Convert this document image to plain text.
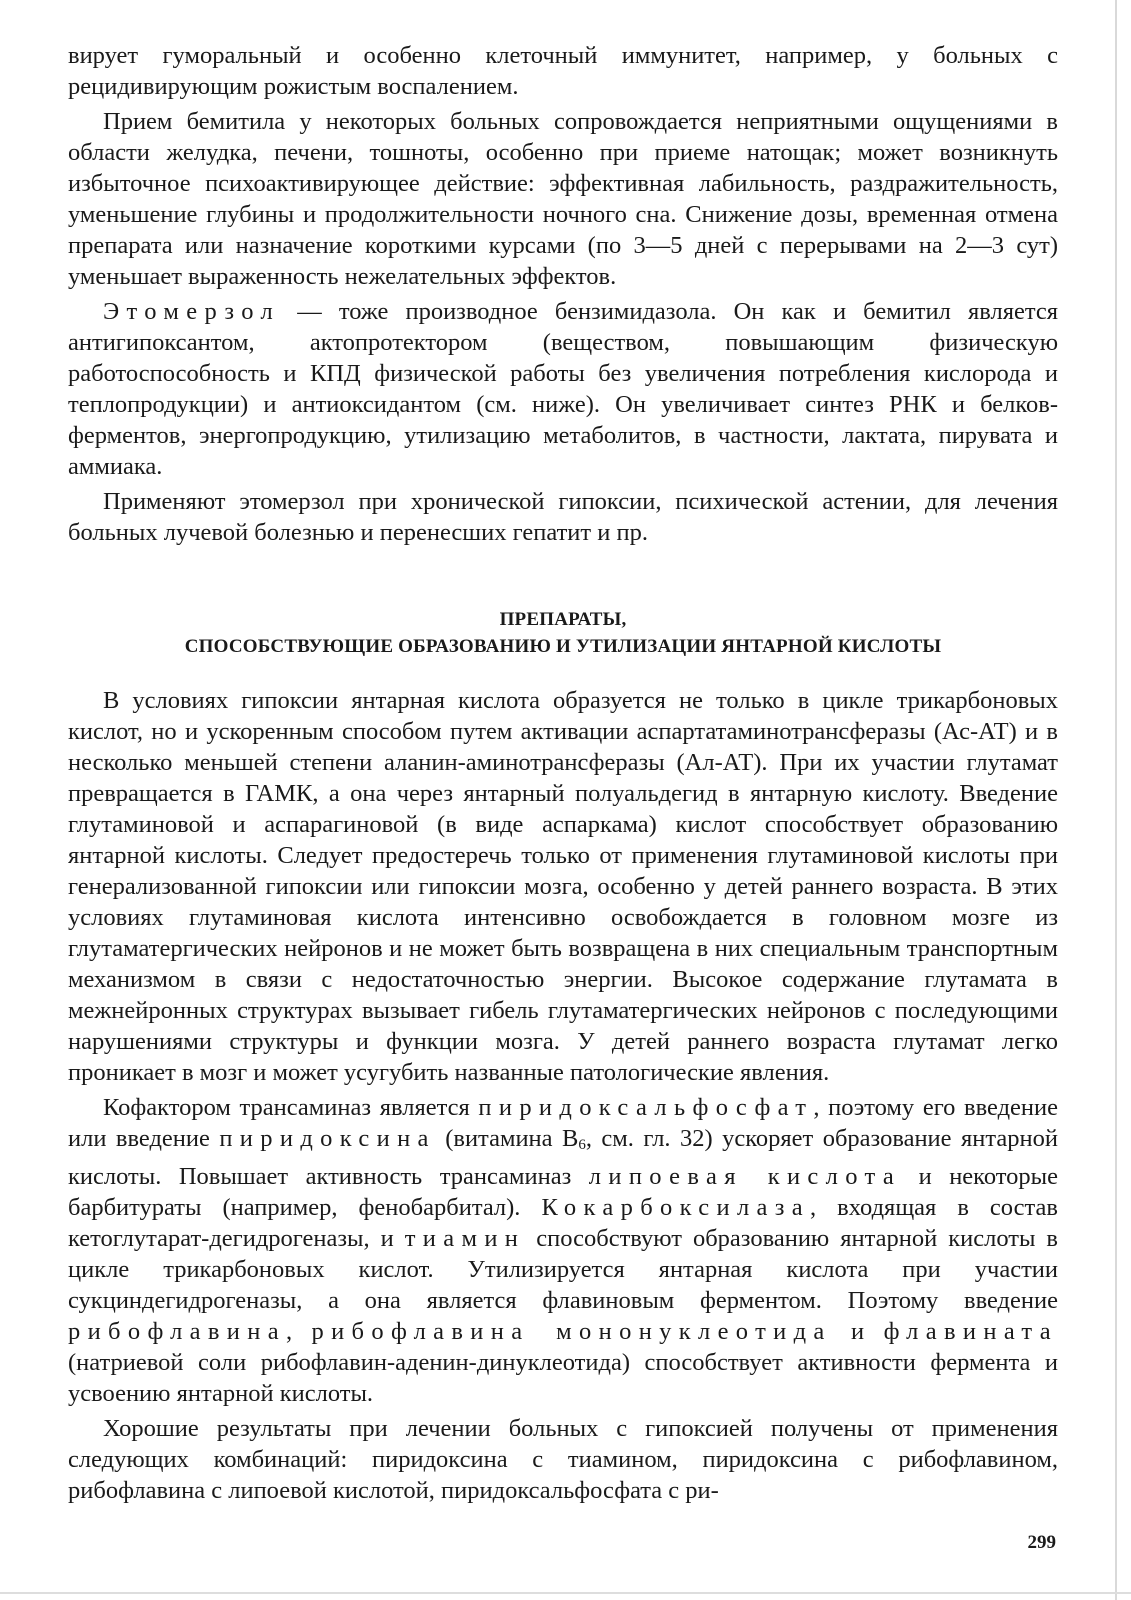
вирует гуморальный и особенно клеточный иммунитет, например, у больных с рецидивирующим рожистым воспалением.

Прием бемитила у некоторых больных сопровождается неприятными ощущениями в области желудка, печени, тошноты, особенно при приеме натощак; может возникнуть избыточное психоактивирующее действие: эффективная лабильность, раздражительность, уменьшение глубины и продолжительности ночного сна. Снижение дозы, временная отмена препарата или назначение короткими курсами (по 3—5 дней с перерывами на 2—3 сут) уменьшает выраженность нежелательных эффектов.

Этомерзол — тоже производное бензимидазола. Он как и бемитил является антигипоксантом, актопротектором (веществом, повышающим физическую работоспособность и КПД физической работы без увеличения потребления кислорода и теплопродукции) и антиоксидантом (см. ниже). Он увеличивает синтез РНК и белков-ферментов, энергопродукцию, утилизацию метаболитов, в частности, лактата, пирувата и аммиака.

Применяют этомерзол при хронической гипоксии, психической астении, для лечения больных лучевой болезнью и перенесших гепатит и пр.

ПРЕПАРАТЫ,
СПОСОБСТВУЮЩИЕ ОБРАЗОВАНИЮ И УТИЛИЗАЦИИ ЯНТАРНОЙ КИСЛОТЫ

В условиях гипоксии янтарная кислота образуется не только в цикле трикарбоновых кислот, но и ускоренным способом путем активации аспартатаминотрансферазы (Ас-АТ) и в несколько меньшей степени аланин-аминотрансферазы (Ал-АТ). При их участии глутамат превращается в ГАМК, а она через янтарный полуальдегид в янтарную кислоту. Введение глутаминовой и аспарагиновой (в виде аспаркама) кислот способствует образованию янтарной кислоты. Следует предостеречь только от применения глутаминовой кислоты при генерализованной гипоксии или гипоксии мозга, особенно у детей раннего возраста. В этих условиях глутаминовая кислота интенсивно освобождается в головном мозге из глутаматергических нейронов и не может быть возвращена в них специальным транспортным механизмом в связи с недостаточностью энергии. Высокое содержание глутамата в межнейронных структурах вызывает гибель глутаматергических нейронов с последующими нарушениями структуры и функции мозга. У детей раннего возраста глутамат легко проникает в мозг и может усугубить названные патологические явления.

Кофактором трансаминаз является пиридоксальфосфат, поэтому его введение или введение пиридоксина (витамина $B_6$, см. гл. 32) ускоряет образование янтарной кислоты. Повышает активность трансаминаз липоевая кислота и некоторые барбитураты (например, фенобарбитал). Кокарбоксилаза, входящая в состав кетоглутарат-дегидрогеназы, и тиамин способствуют образованию янтарной кислоты в цикле трикарбоновых кислот. Утилизируется янтарная кислота при участии сукциндегидрогеназы, а она является флавиновым ферментом. Поэтому введение рибофлавина, рибофлавина мононуклеотида и флавината (натриевой соли рибофлавин-аденин-динуклеотида) способствует активности фермента и усвоению янтарной кислоты.

Хорошие результаты при лечении больных с гипоксией получены от применения следующих комбинаций: пиридоксина с тиамином, пиридоксина с рибофлавином, рибофлавина с липоевой кислотой, пиридоксальфосфата с ри-

299
